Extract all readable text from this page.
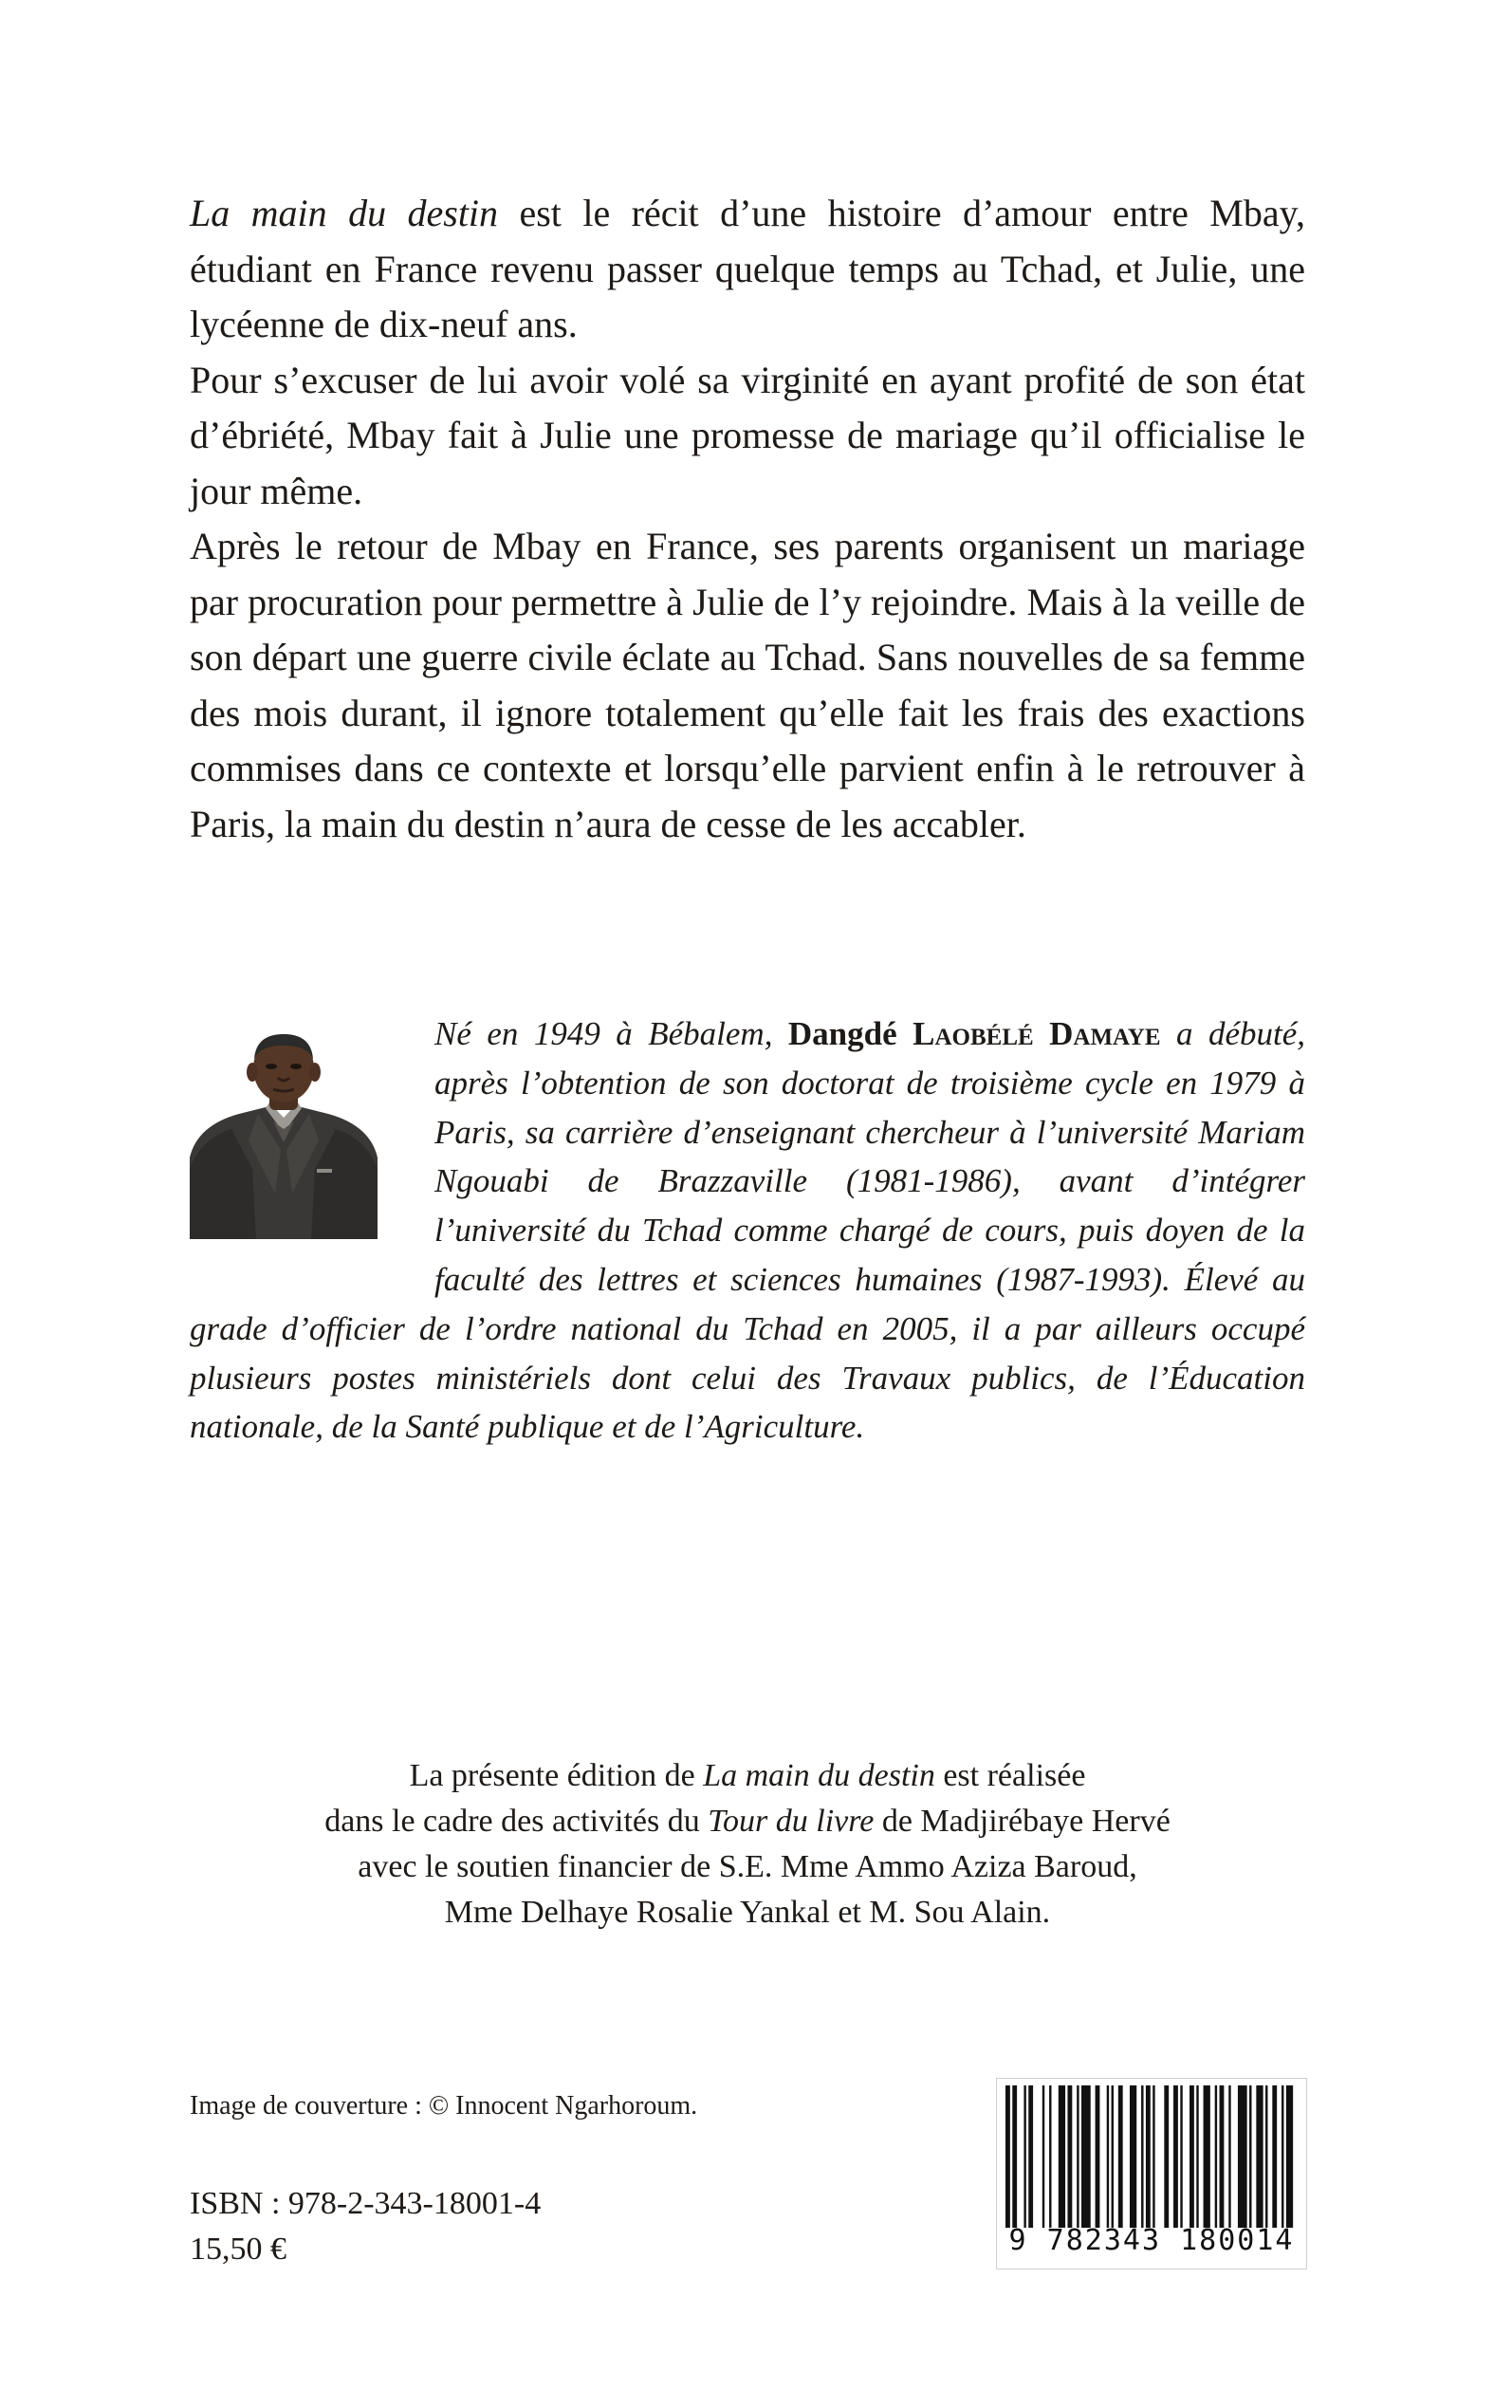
La main du destin est le récit d’une histoire d’amour entre Mbay, étudiant en France revenu passer quelque temps au Tchad, et Julie, une lycéenne de dix-neuf ans.

Pour s’excuser de lui avoir volé sa virginité en ayant profité de son état d’ébriété, Mbay fait à Julie une promesse de mariage qu’il officialise le jour même.

Après le retour de Mbay en France, ses parents organisent un mariage par procuration pour permettre à Julie de l’y rejoindre. Mais à la veille de son départ une guerre civile éclate au Tchad. Sans nouvelles de sa femme des mois durant, il ignore totalement qu’elle fait les frais des exactions commises dans ce contexte et lorsqu’elle parvient enfin à le retrouver à Paris, la main du destin n’aura de cesse de les accabler.

Né en 1949 à Bébalem, Dangdé Laobélé Damaye a débuté, après l’obtention de son doctorat de troisième cycle en 1979 à Paris, sa carrière d’enseignant chercheur à l’université Mariam Ngouabi de Brazzaville (1981-1986), avant d’intégrer l’université du Tchad comme chargé de cours, puis doyen de la faculté des lettres et sciences humaines (1987-1993). Élevé au grade d’officier de l’ordre national du Tchad en 2005, il a par ailleurs occupé plusieurs postes ministériels dont celui des Travaux publics, de l’Éducation nationale, de la Santé publique et de l’Agriculture.

La présente édition de La main du destin est réalisée

dans le cadre des activités du Tour du livre de Madjirébaye Hervé

avec le soutien financier de S.E. Mme Ammo Aziza Baroud,

Mme Delhaye Rosalie Yankal et M. Sou Alain.

Image de couverture : © Innocent Ngarhoroum.
ISBN : 978-2-343-18001-4
15,50 €	9 782343 180014
